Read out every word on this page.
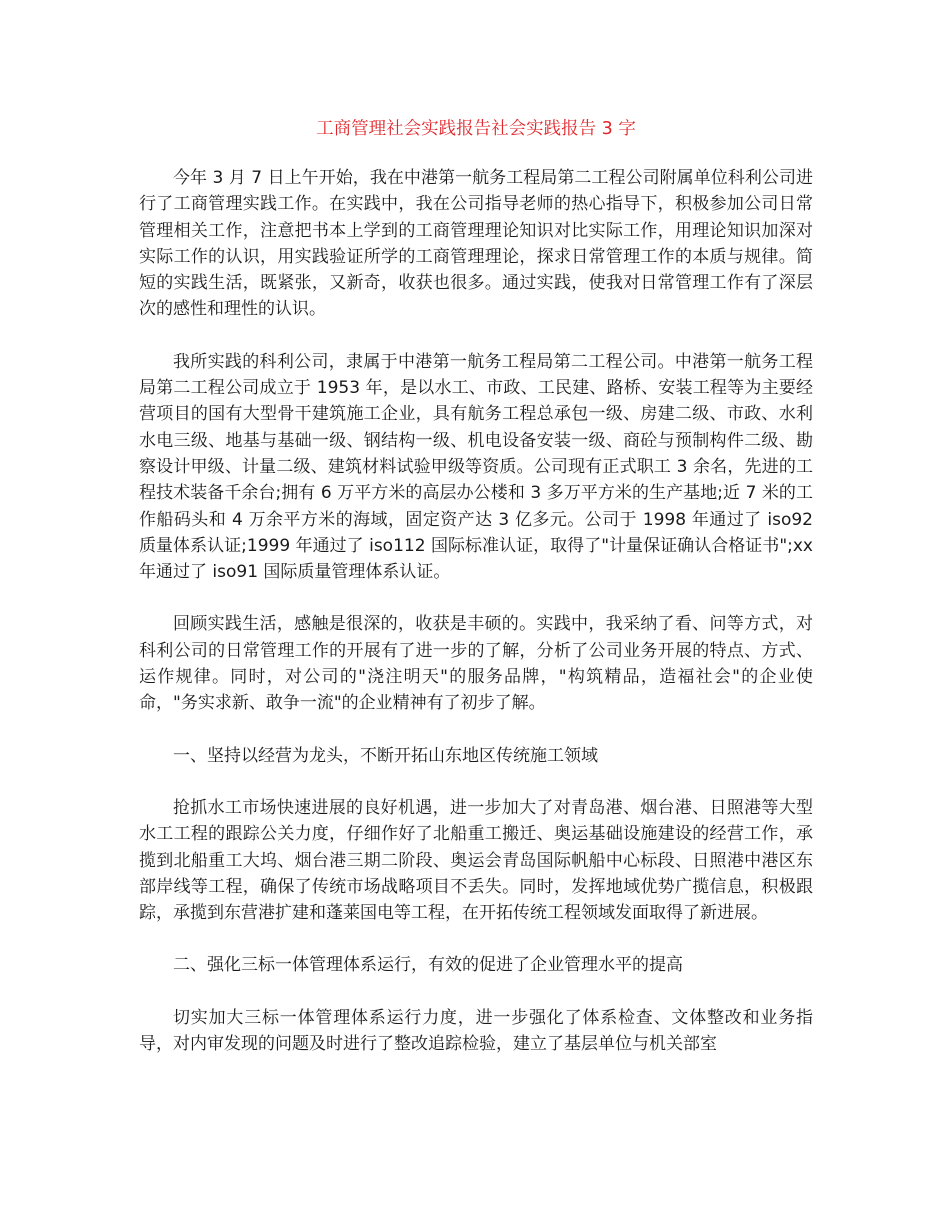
工商管理社会实践报告社会实践报告 3 字

今年 3 月 7 日上午开始，我在中港第一航务工程局第二工程公司附属单位科利公司进行了工商管理实践工作。在实践中，我在公司指导老师的热心指导下，积极参加公司日常管理相关工作，注意把书本上学到的工商管理理论知识对比实际工作，用理论知识加深对实际工作的认识，用实践验证所学的工商管理理论，探求日常管理工作的本质与规律。简短的实践生活，既紧张，又新奇，收获也很多。通过实践，使我对日常管理工作有了深层次的感性和理性的认识。

我所实践的科利公司，隶属于中港第一航务工程局第二工程公司。中港第一航务工程局第二工程公司成立于 1953 年，是以水工、市政、工民建、路桥、安装工程等为主要经营项目的国有大型骨干建筑施工企业，具有航务工程总承包一级、房建二级、市政、水利水电三级、地基与基础一级、钢结构一级、机电设备安装一级、商砼与预制构件二级、勘察设计甲级、计量二级、建筑材料试验甲级等资质。公司现有正式职工 3 余名，先进的工程技术装备千余台;拥有 6 万平方米的高层办公楼和 3 多万平方米的生产基地;近 7 米的工作船码头和 4 万余平方米的海域，固定资产达 3 亿多元。公司于 1998 年通过了 iso92 质量体系认证;1999 年通过了 iso112 国际标准认证，取得了"计量保证确认合格证书";xx 年通过了 iso91 国际质量管理体系认证。

回顾实践生活，感触是很深的，收获是丰硕的。实践中，我采纳了看、问等方式，对科利公司的日常管理工作的开展有了进一步的了解，分析了公司业务开展的特点、方式、运作规律。同时，对公司的"浇注明天"的服务品牌，"构筑精品，造福社会"的企业使命，"务实求新、敢争一流"的企业精神有了初步了解。

一、坚持以经营为龙头，不断开拓山东地区传统施工领域

抢抓水工市场快速进展的良好机遇，进一步加大了对青岛港、烟台港、日照港等大型水工工程的跟踪公关力度，仔细作好了北船重工搬迁、奥运基础设施建设的经营工作，承揽到北船重工大坞、烟台港三期二阶段、奥运会青岛国际帆船中心标段、日照港中港区东部岸线等工程，确保了传统市场战略项目不丢失。同时，发挥地域优势广揽信息，积极跟踪，承揽到东营港扩建和蓬莱国电等工程，在开拓传统工程领域发面取得了新进展。

二、强化三标一体管理体系运行，有效的促进了企业管理水平的提高

切实加大三标一体管理体系运行力度，进一步强化了体系检查、文体整改和业务指导，对内审发现的问题及时进行了整改追踪检验，建立了基层单位与机关部室
